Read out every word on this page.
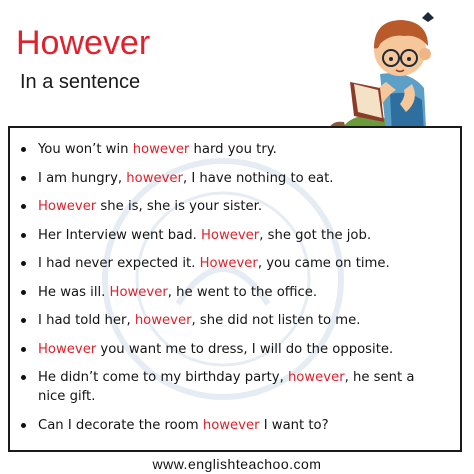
However
In a sentence
You won’t win however hard you try.
I am hungry, however, I have nothing to eat.
However she is, she is your sister.
Her Interview went bad. However, she got the job.
I had never expected it. However, you came on time.
He was ill. However, he went to the office.
I had told her, however, she did not listen to me.
However you want me to dress, I will do the opposite.
He didn’t come to my birthday party, however, he sent a nice gift.
Can I decorate the room however I want to?
www.englishteachoo.com
